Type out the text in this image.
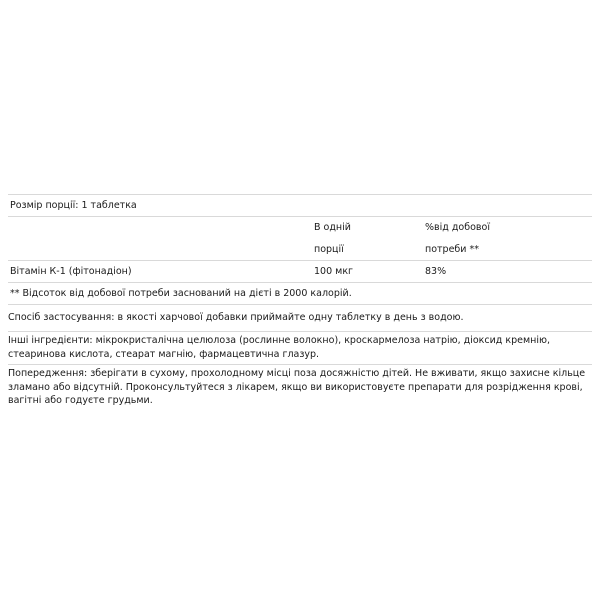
Розмір порції: 1 таблетка
В одній
порції
%від добової
потреби **
Вітамін К-1 (фітонадіон)	100 мкг	83%
** Відсоток від добової потреби заснований на дієті в 2000 калорій.
Спосіб застосування: в якості харчової добавки приймайте одну таблетку в день з водою.
Інші інгредієнти: мікрокристалічна целюлоза (рослинне волокно), кроскармелоза натрію, діоксид кремнію, стеаринова кислота, стеарат магнію, фармацевтична глазур.
Попередження: зберігати в сухому, прохолодному місці поза досяжністю дітей. Не вживати, якщо захисне кільце зламано або відсутній. Проконсультуйтеся з лікарем, якщо ви використовуєте препарати для розрідження крові, вагітні або годуєте грудьми.
